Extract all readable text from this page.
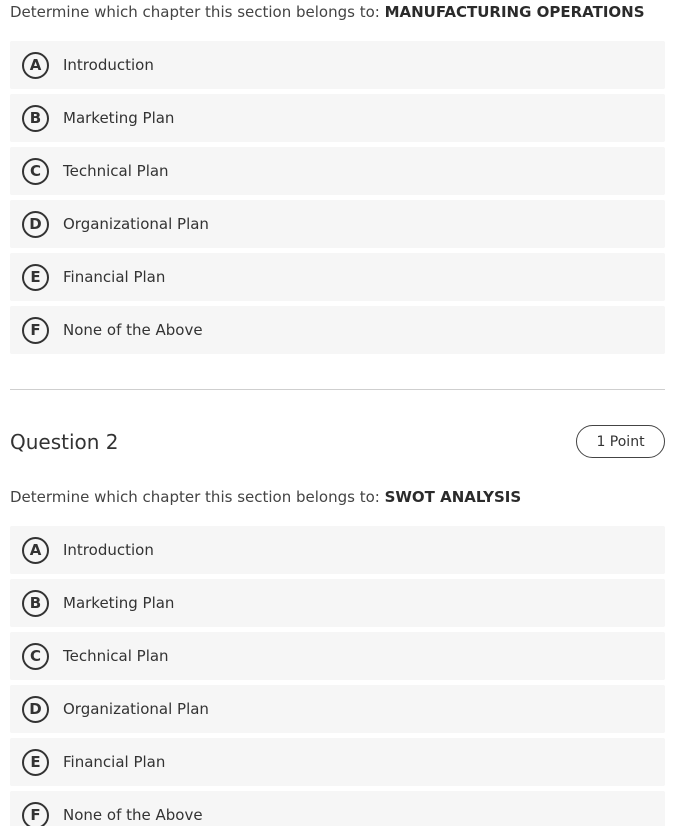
Determine which chapter this section belongs to: MANUFACTURING OPERATIONS
A	Introduction
B	Marketing Plan
C	Technical Plan
D	Organizational Plan
E	Financial Plan
F	None of the Above
Question 2	1 Point
Determine which chapter this section belongs to: SWOT ANALYSIS
A	Introduction
B	Marketing Plan
C	Technical Plan
D	Organizational Plan
E	Financial Plan
F	None of the Above
